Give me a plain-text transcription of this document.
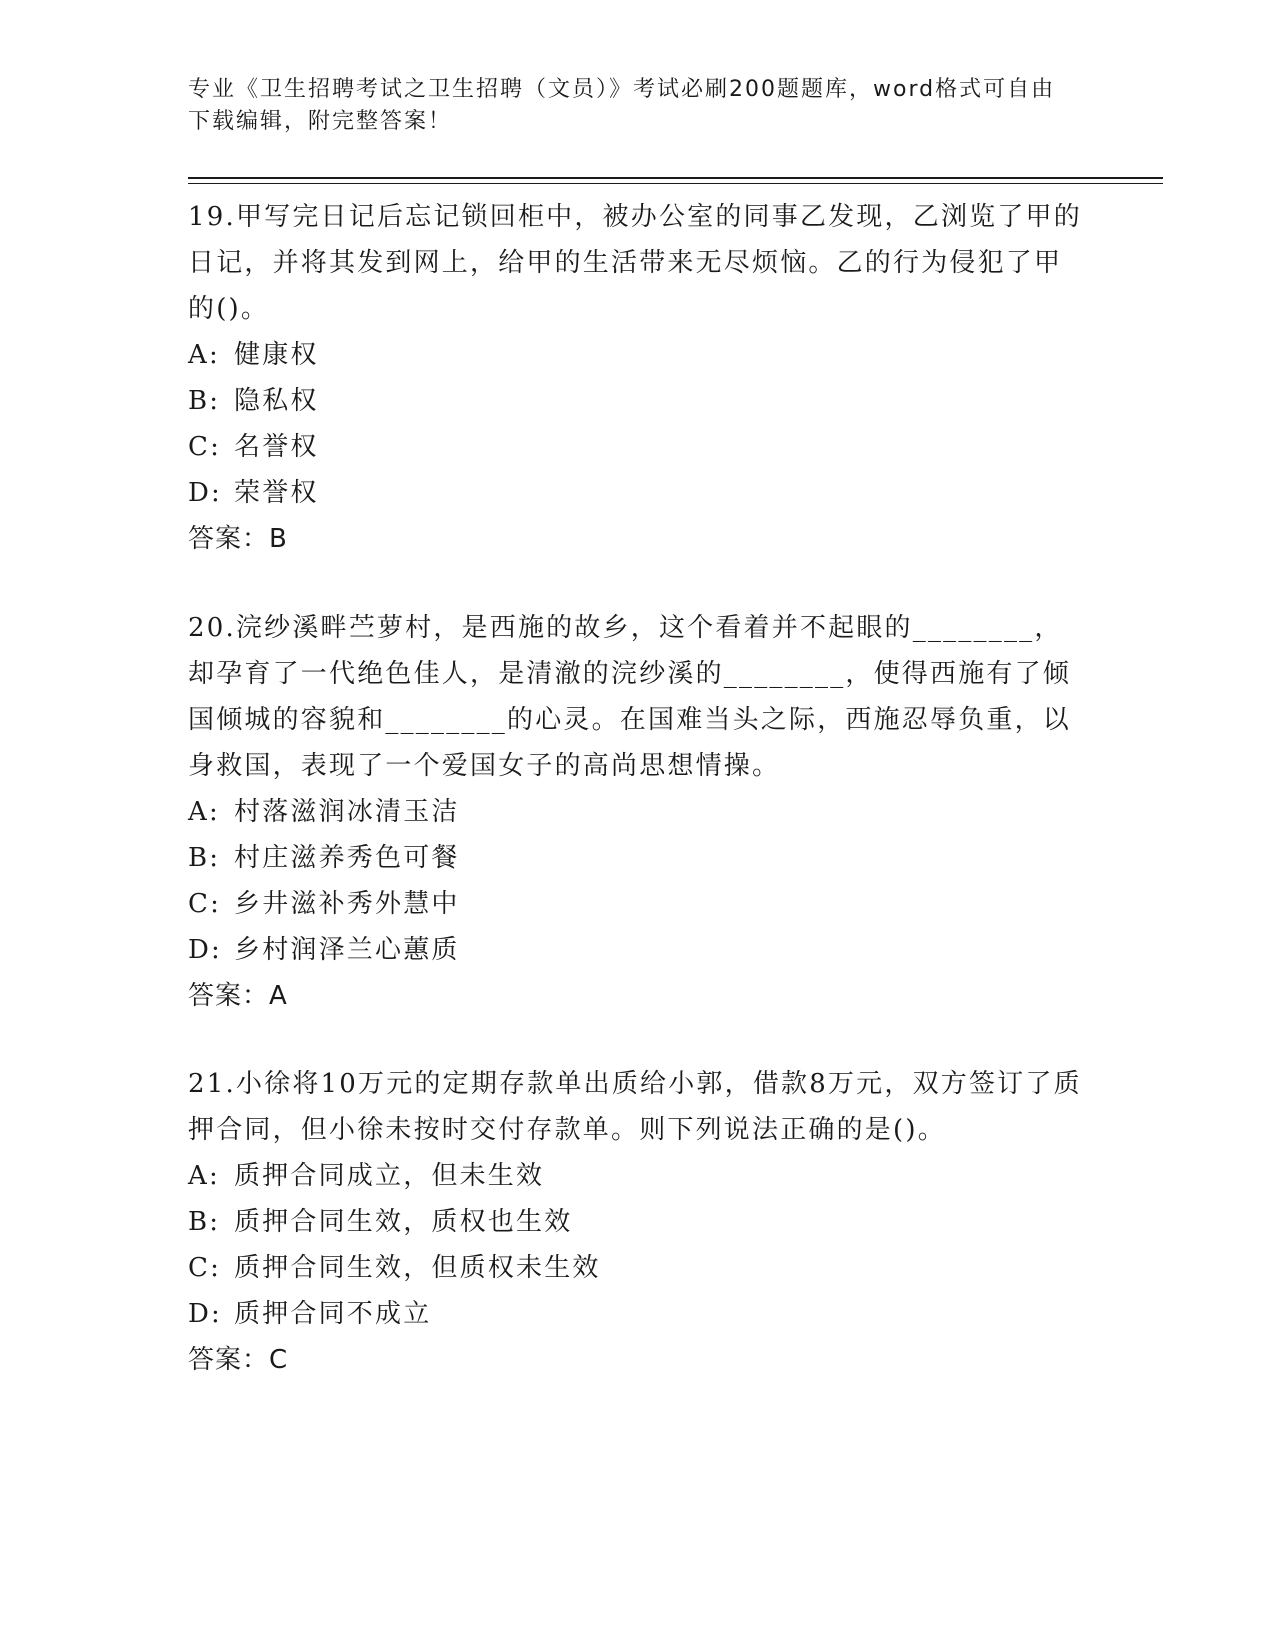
专业《卫生招聘考试之卫生招聘（文员）》考试必刷200题题库，word格式可自由下载编辑，附完整答案！

19.甲写完日记后忘记锁回柜中，被办公室的同事乙发现，乙浏览了甲的日记，并将其发到网上，给甲的生活带来无尽烦恼。乙的行为侵犯了甲的()。

A: 健康权

B: 隐私权

C: 名誉权

D: 荣誉权

答案：B

20.浣纱溪畔苎萝村，是西施的故乡，这个看着并不起眼的________，却孕育了一代绝色佳人，是清澈的浣纱溪的________，使得西施有了倾国倾城的容貌和________的心灵。在国难当头之际，西施忍辱负重，以身救国，表现了一个爱国女子的高尚思想情操。

A: 村落滋润冰清玉洁

B: 村庄滋养秀色可餐

C: 乡井滋补秀外慧中

D: 乡村润泽兰心蕙质

答案：A

21.小徐将10万元的定期存款单出质给小郭，借款8万元，双方签订了质押合同，但小徐未按时交付存款单。则下列说法正确的是()。

A: 质押合同成立，但未生效

B: 质押合同生效，质权也生效

C: 质押合同生效，但质权未生效

D: 质押合同不成立

答案：C
